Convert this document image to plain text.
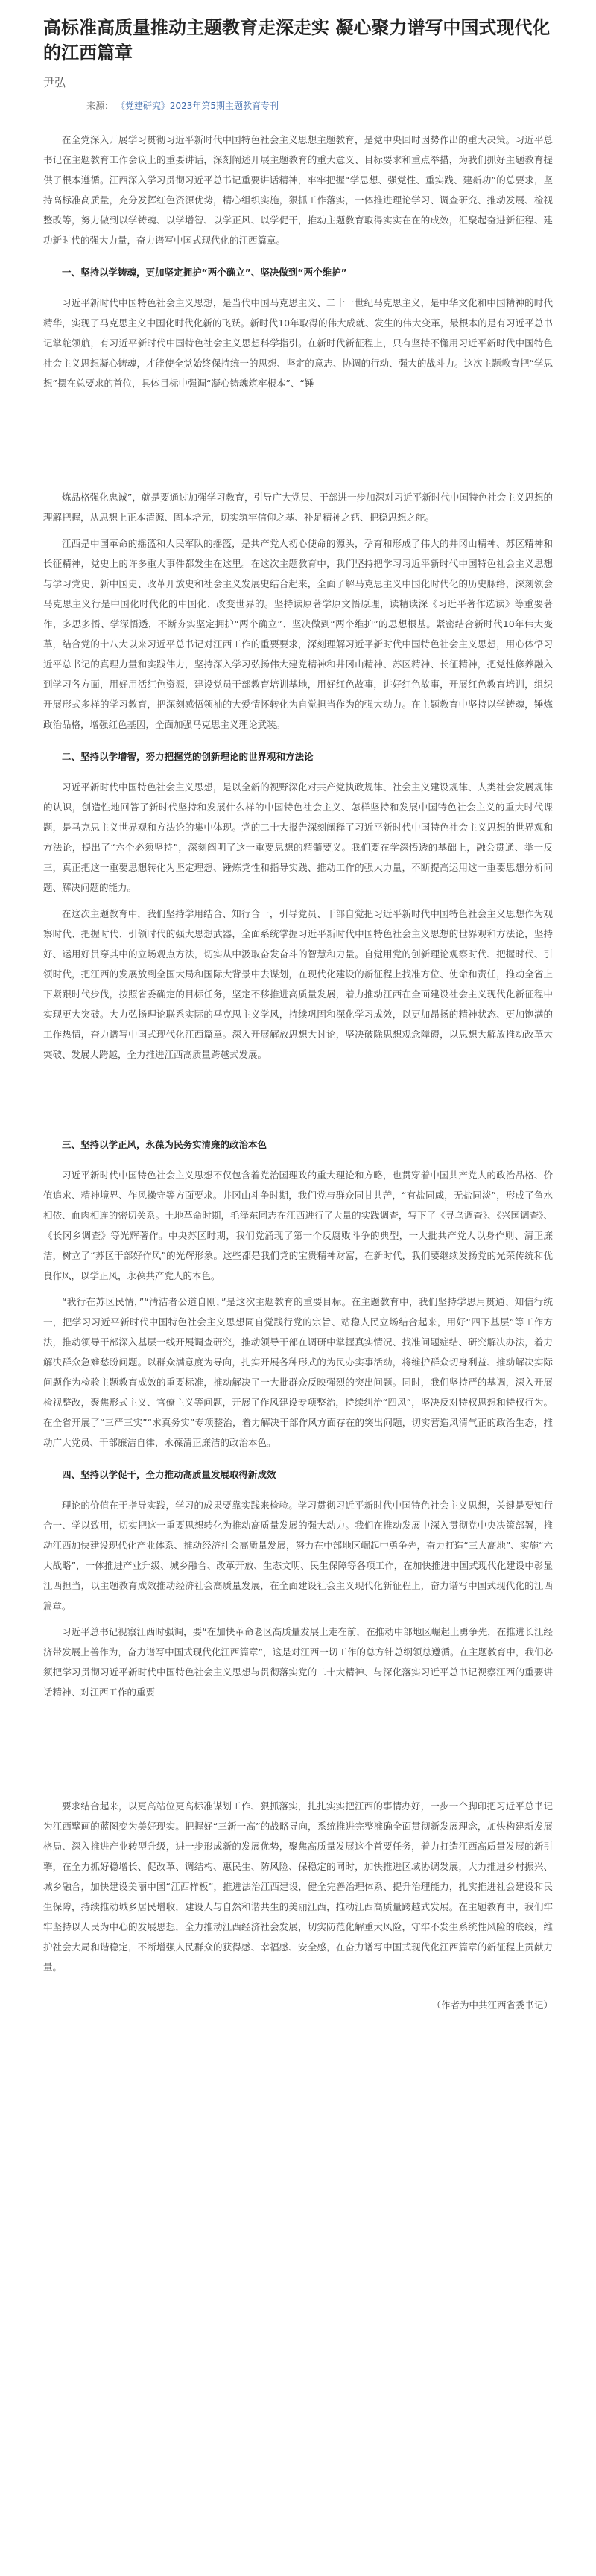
高标准高质量推动主题教育走深走实 凝心聚力谱写中国式现代化的江西篇章
尹弘
来源： 《党建研究》2023年第5期主题教育专刊

在全党深入开展学习贯彻习近平新时代中国特色社会主义思想主题教育，是党中央回时因势作出的重大决策。习近平总书记在主题教育工作会议上的重要讲话，深刻阐述开展主题教育的重大意义、目标要求和重点举措，为我们抓好主题教育提供了根本遵循。江西深入学习贯彻习近平总书记重要讲话精神，牢牢把握“学思想、强党性、重实践、建新功”的总要求，坚持高标准高质量，充分发挥红色资源优势，精心组织实施，狠抓工作落实，一体推进理论学习、调查研究、推动发展、检视整改等，努力做到以学铸魂、以学增智、以学正风、以学促干，推动主题教育取得实实在在的成效，汇聚起奋进新征程、建功新时代的强大力量，奋力谱写中国式现代化的江西篇章。

一、坚持以学铸魂，更加坚定拥护“两个确立”、坚决做到“两个维护”

习近平新时代中国特色社会主义思想，是当代中国马克思主义、二十一世纪马克思主义，是中华文化和中国精神的时代精华，实现了马克思主义中国化时代化新的飞跃。新时代10年取得的伟大成就、发生的伟大变革，最根本的是有习近平总书记掌舵领航，有习近平新时代中国特色社会主义思想科学指引。在新时代新征程上，只有坚持不懈用习近平新时代中国特色社会主义思想凝心铸魂，才能使全党始终保持统一的思想、坚定的意志、协调的行动、强大的战斗力。这次主题教育把“学思想”摆在总要求的首位，具体目标中强调“凝心铸魂筑牢根本”、“锤

炼品格强化忠诚”，就是要通过加强学习教育，引导广大党员、干部进一步加深对习近平新时代中国特色社会主义思想的理解把握，从思想上正本清源、固本培元，切实筑牢信仰之基、补足精神之钙、把稳思想之舵。

江西是中国革命的摇篮和人民军队的摇篮，是共产党人初心使命的源头，孕育和形成了伟大的井冈山精神、苏区精神和长征精神，党史上的许多重大事件都发生在这里。在这次主题教育中，我们坚持把学习习近平新时代中国特色社会主义思想与学习党史、新中国史、改革开放史和社会主义发展史结合起来，全面了解马克思主义中国化时代化的历史脉络，深刻领会马克思主义行是中国化时代化的中国化、改变世界的。坚持读原著学原文悟原理，读精读深《习近平著作选读》等重要著作，多思多悟、学深悟透，不断夯实坚定拥护“两个确立”、坚决做到“两个维护”的思想根基。紧密结合新时代10年伟大变革，结合党的十八大以来习近平总书记对江西工作的重要要求，深刻理解习近平新时代中国特色社会主义思想，用心体悟习近平总书记的真理力量和实践伟力，坚持深入学习弘扬伟大建党精神和井冈山精神、苏区精神、长征精神，把党性修养融入到学习各方面，用好用活红色资源，建设党员干部教育培训基地，用好红色故事，讲好红色故事，开展红色教育培训，组织开展形式多样的学习教育，把深刻感悟领袖的大爱情怀转化为自觉担当作为的强大动力。在主题教育中坚持以学铸魂，锤炼政治品格，增强红色基因，全面加强马克思主义理论武装。

二、坚持以学增智，努力把握党的创新理论的世界观和方法论

习近平新时代中国特色社会主义思想，是以全新的视野深化对共产党执政规律、社会主义建设规律、人类社会发展规律的认识，创造性地回答了新时代坚持和发展什么样的中国特色社会主义、怎样坚持和发展中国特色社会主义的重大时代课题，是马克思主义世界观和方法论的集中体现。党的二十大报告深刻阐释了习近平新时代中国特色社会主义思想的世界观和方法论，提出了“六个必须坚持”，深刻阐明了这一重要思想的精髓要义。我们要在学深悟透的基础上，融会贯通、举一反三，真正把这一重要思想转化为坚定理想、锤炼党性和指导实践、推动工作的强大力量，不断提高运用这一重要思想分析问题、解决问题的能力。

在这次主题教育中，我们坚持学用结合、知行合一，引导党员、干部自觉把习近平新时代中国特色社会主义思想作为观察时代、把握时代、引领时代的强大思想武器，全面系统掌握习近平新时代中国特色社会主义思想的世界观和方法论，坚持好、运用好贯穿其中的立场观点方法，切实从中汲取奋发奋斗的智慧和力量。自觉用党的创新理论观察时代、把握时代、引领时代，把江西的发展放到全国大局和国际大背景中去谋划，在现代化建设的新征程上找准方位、使命和责任，推动全省上下紧跟时代步伐，按照省委确定的目标任务，坚定不移推进高质量发展，着力推动江西在全面建设社会主义现代化新征程中实现更大突破。大力弘扬理论联系实际的马克思主义学风，持续巩固和深化学习成效，以更加昂扬的精神状态、更加饱满的工作热情，奋力谱写中国式现代化江西篇章。深入开展解放思想大讨论，坚决破除思想观念障碍，以思想大解放推动改革大突破、发展大跨越，全力推进江西高质量跨越式发展。

三、坚持以学正风，永葆为民务实清廉的政治本色

习近平新时代中国特色社会主义思想不仅包含着党治国理政的重大理论和方略，也贯穿着中国共产党人的政治品格、价值追求、精神境界、作风操守等方面要求。井冈山斗争时期，我们党与群众同甘共苦，“有盐同咸，无盐同淡”，形成了鱼水相依、血肉相连的密切关系。土地革命时期，毛泽东同志在江西进行了大量的实践调查，写下了《寻乌调查》、《兴国调查》、《长冈乡调查》等光辉著作。中央苏区时期，我们党涌现了第一个反腐败斗争的典型，一大批共产党人以身作则、清正廉洁，树立了“苏区干部好作风”的光辉形象。这些都是我们党的宝贵精神财富，在新时代，我们要继续发扬党的光荣传统和优良作风，以学正风，永葆共产党人的本色。

“我行在苏区民情，”“清洁者公道自刚，”是这次主题教育的重要目标。在主题教育中，我们坚持学思用贯通、知信行统一，把学习习近平新时代中国特色社会主义思想同自觉践行党的宗旨、站稳人民立场结合起来，用好“四下基层”等工作方法，推动领导干部深入基层一线开展调查研究，推动领导干部在调研中掌握真实情况、找准问题症结、研究解决办法，着力解决群众急难愁盼问题。以群众满意度为导向，扎实开展各种形式的为民办实事活动，将维护群众切身利益、推动解决实际问题作为检验主题教育成效的重要标准，推动解决了一大批群众反映强烈的突出问题。同时，我们坚持严的基调，深入开展检视整改，聚焦形式主义、官僚主义等问题，开展了作风建设专项整治，持续纠治“四风”，坚决反对特权思想和特权行为。在全省开展了“三严三实”“求真务实”专项整治，着力解决干部作风方面存在的突出问题，切实营造风清气正的政治生态，推动广大党员、干部廉洁自律，永葆清正廉洁的政治本色。

四、坚持以学促干，全力推动高质量发展取得新成效

理论的价值在于指导实践，学习的成果要靠实践来检验。学习贯彻习近平新时代中国特色社会主义思想，关键是要知行合一、学以致用，切实把这一重要思想转化为推动高质量发展的强大动力。我们在推动发展中深入贯彻党中央决策部署，推动江西加快建设现代化产业体系、推动经济社会高质量发展，努力在中部地区崛起中勇争先，奋力打造“三大高地”、实施“六大战略”，一体推进产业升级、城乡融合、改革开放、生态文明、民生保障等各项工作，在加快推进中国式现代化建设中彰显江西担当，以主题教育成效推动经济社会高质量发展，在全面建设社会主义现代化新征程上，奋力谱写中国式现代化的江西篇章。

习近平总书记视察江西时强调，要“在加快革命老区高质量发展上走在前，在推动中部地区崛起上勇争先，在推进长江经济带发展上善作为，奋力谱写中国式现代化江西篇章”，这是对江西一切工作的总方针总纲领总遵循。在主题教育中，我们必须把学习贯彻习近平新时代中国特色社会主义思想与贯彻落实党的二十大精神、与深化落实习近平总书记视察江西的重要讲话精神、对江西工作的重要

要求结合起来，以更高站位更高标准谋划工作、狠抓落实，扎扎实实把江西的事情办好，一步一个脚印把习近平总书记为江西擘画的蓝图变为美好现实。把握好“三新一高”的战略导向，系统推进完整准确全面贯彻新发展理念，加快构建新发展格局、深入推进产业转型升级，进一步形成新的发展优势，聚焦高质量发展这个首要任务，着力打造江西高质量发展的新引擎，在全力抓好稳增长、促改革、调结构、惠民生、防风险、保稳定的同时，加快推进区域协调发展，大力推进乡村振兴、城乡融合，加快建设美丽中国“江西样板”，推进法治江西建设，健全完善治理体系、提升治理能力，扎实推进社会建设和民生保障，持续推动城乡居民增收，建设人与自然和谐共生的美丽江西，推动江西高质量跨越式发展。在主题教育中，我们牢牢坚持以人民为中心的发展思想，全力推动江西经济社会发展，切实防范化解重大风险，守牢不发生系统性风险的底线，维护社会大局和谐稳定，不断增强人民群众的获得感、幸福感、安全感，在奋力谱写中国式现代化江西篇章的新征程上贡献力量。

（作者为中共江西省委书记）
